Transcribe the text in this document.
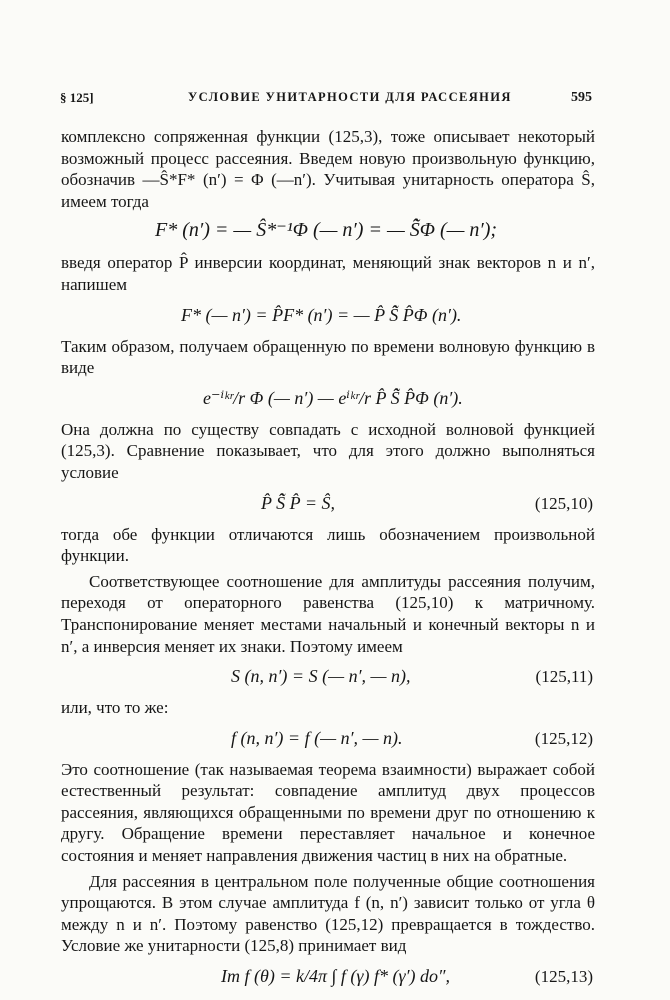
§ 125]	УСЛОВИЕ УНИТАРНОСТИ ДЛЯ РАССЕЯНИЯ	595

комплексно сопряженная функции (125,3), тоже описывает некоторый возможный процесс рассеяния. Введем новую произвольную функцию, обозначив —Ŝ*F* (n′) = Φ (—n′). Учитывая унитарность оператора Ŝ, имеем тогда

F* (n′) = — Ŝ*⁻¹Φ (— n′) = — S̃̂Φ (— n′);

введя оператор P̂ инверсии координат, меняющий знак векторов n и n′, напишем

F* (— n′) = P̂F* (n′) = — P̂ S̃̂ P̂Φ (n′).

Таким образом, получаем обращенную по времени волновую функцию в виде

e⁻ⁱᵏʳ/r Φ (— n′) — eⁱᵏʳ/r P̂ S̃̂ P̂Φ (n′).

Она должна по существу совпадать с исходной волновой функцией (125,3). Сравнение показывает, что для этого должно выполняться условие

P̂ S̃̂ P̂ = Ŝ,	(125,10)

тогда обе функции отличаются лишь обозначением произвольной функции.

Соответствующее соотношение для амплитуды рассеяния получим, переходя от операторного равенства (125,10) к матричному. Транспонирование меняет местами начальный и конечный векторы n и n′, а инверсия меняет их знаки. Поэтому имеем

S (n, n′) = S (— n′, — n),	(125,11)

или, что то же:

f (n, n′) = f (— n′, — n).	(125,12)

Это соотношение (так называемая теорема взаимности) выражает собой естественный результат: совпадение амплитуд двух процессов рассеяния, являющихся обращенными по времени друг по отношению к другу. Обращение времени переставляет начальное и конечное состояния и меняет направления движения частиц в них на обратные.

Для рассеяния в центральном поле полученные общие соотношения упрощаются. В этом случае амплитуда f (n, n′) зависит только от угла θ между n и n′. Поэтому равенство (125,12) превращается в тождество. Условие же унитарности (125,8) принимает вид

Im f (θ) = k/4π ∫ f (γ) f* (γ′) do″,	(125,13)
